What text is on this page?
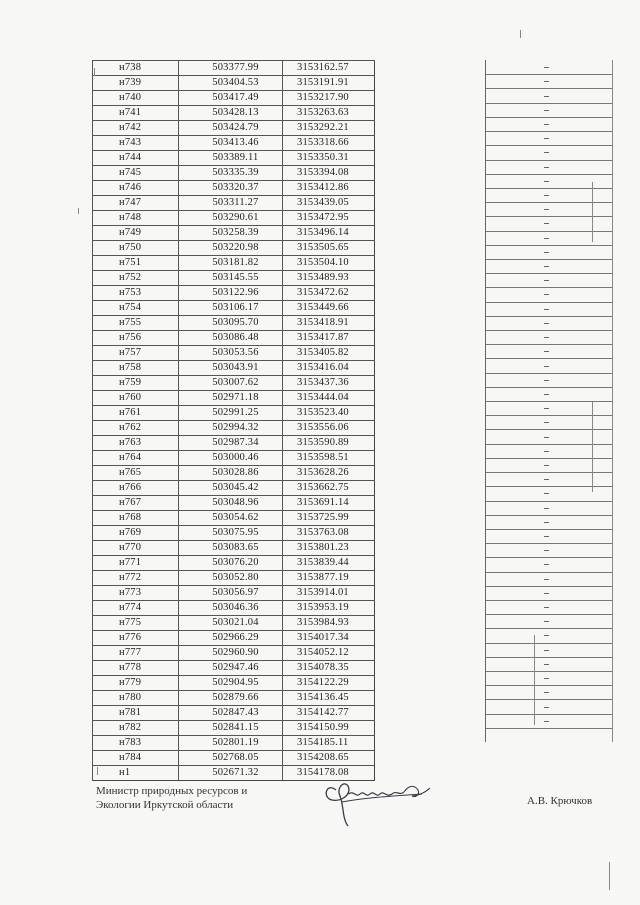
н738	503377.99	3153162.57
н739	503404.53	3153191.91
н740	503417.49	3153217.90
н741	503428.13	3153263.63
н742	503424.79	3153292.21
н743	503413.46	3153318.66
н744	503389.11	3153350.31
н745	503335.39	3153394.08
н746	503320.37	3153412.86
н747	503311.27	3153439.05
н748	503290.61	3153472.95
н749	503258.39	3153496.14
н750	503220.98	3153505.65
н751	503181.82	3153504.10
н752	503145.55	3153489.93
н753	503122.96	3153472.62
н754	503106.17	3153449.66
н755	503095.70	3153418.91
н756	503086.48	3153417.87
н757	503053.56	3153405.82
н758	503043.91	3153416.04
н759	503007.62	3153437.36
н760	502971.18	3153444.04
н761	502991.25	3153523.40
н762	502994.32	3153556.06
н763	502987.34	3153590.89
н764	503000.46	3153598.51
н765	503028.86	3153628.26
н766	503045.42	3153662.75
н767	503048.96	3153691.14
н768	503054.62	3153725.99
н769	503075.95	3153763.08
н770	503083.65	3153801.23
н771	503076.20	3153839.44
н772	503052.80	3153877.19
н773	503056.97	3153914.01
н774	503046.36	3153953.19
н775	503021.04	3153984.93
н776	502966.29	3154017.34
н777	502960.90	3154052.12
н778	502947.46	3154078.35
н779	502904.95	3154122.29
н780	502879.66	3154136.45
н781	502847.43	3154142.77
н782	502841.15	3154150.99
н783	502801.19	3154185.11
н784	502768.05	3154208.65
н1	502671.32	3154178.08
Министр природных ресурсов и
Экологии Иркутской области	А.В. Крючков
